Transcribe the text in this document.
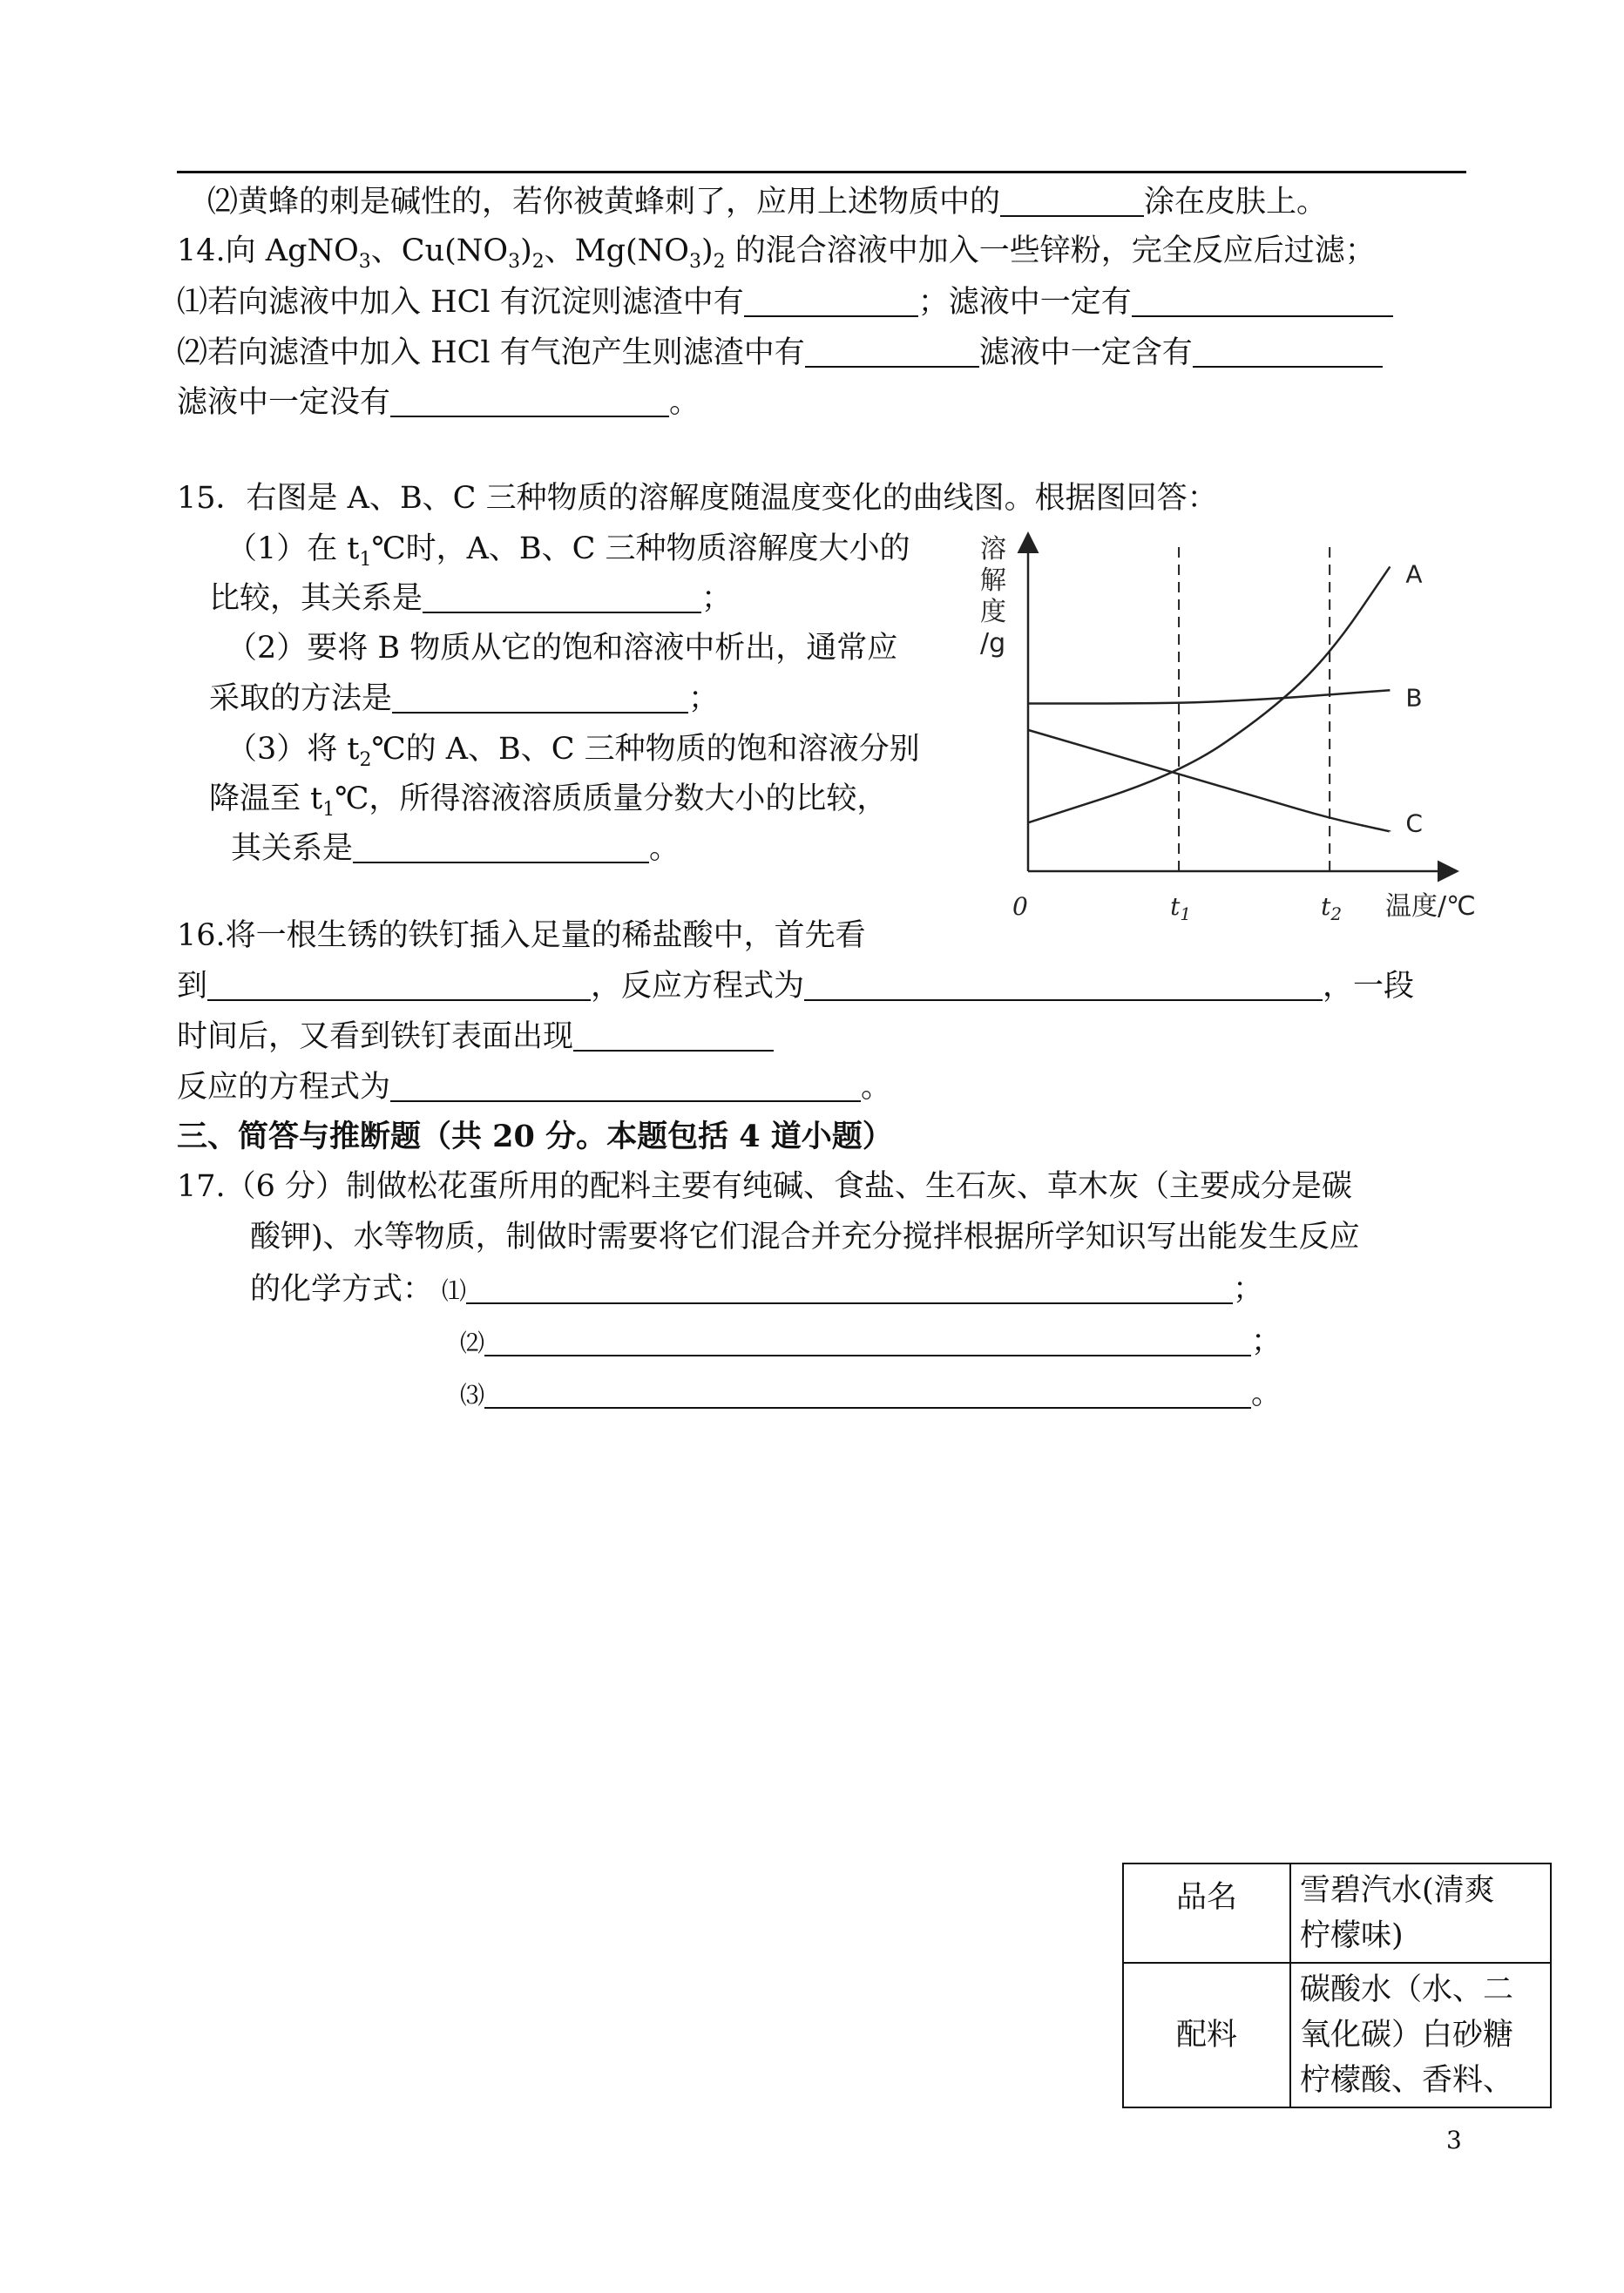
⑵黄蜂的刺是碱性的，若你被黄蜂刺了，应用上述物质中的	涂在皮肤上。
14.向 AgNO$_3$、$Cu(NO_3)_2$、$Mg(NO_3)_2$ 的混合溶液中加入一些锌粉，完全反应后过滤；
⑴若向滤液中加入 HCl 有沉淀则滤渣中有	；滤液中一定有
⑵若向滤渣中加入 HCl 有气泡产生则滤渣中有	滤液中一定含有
滤液中一定没有	。
15．右图是 A、B、C 三种物质的溶解度随温度变化的曲线图。根据图回答：
（1）在 $t_1℃$时，A、B、C 三种物质溶解度大小的
比较，其关系是	；
（2）要将 B 物质从它的饱和溶液中析出，通常应
采取的方法是	；
（3）将 $t_2℃$的 A、B、C 三种物质的饱和溶液分别
降温至 $t_1℃$，所得溶液溶质质量分数大小的比较，
其关系是	。
溶
解
度
/g
$t_1$	$t_2$
0	温度/℃
A
B
C
16.将一根生锈的铁钉插入足量的稀盐酸中，首先看
到	，反应方程式为	，一段
时间后，又看到铁钉表面出现
反应的方程式为	。
三、简答与推断题（共 20 分。本题包括 4 道小题）
17.（6 分）制做松花蛋所用的配料主要有纯碱、食盐、生石灰、草木灰（主要成分是碳
酸钾)、水等物质，制做时需要将它们混合并充分搅拌根据所学知识写出能发生反应
的化学方式： ⑴	；
⑵	；
⑶	。
品名	雪碧汽水(清爽
柠檬味)

配料	碳酸水（水、二
氧化碳）白砂糖
柠檬酸、香料、
3
